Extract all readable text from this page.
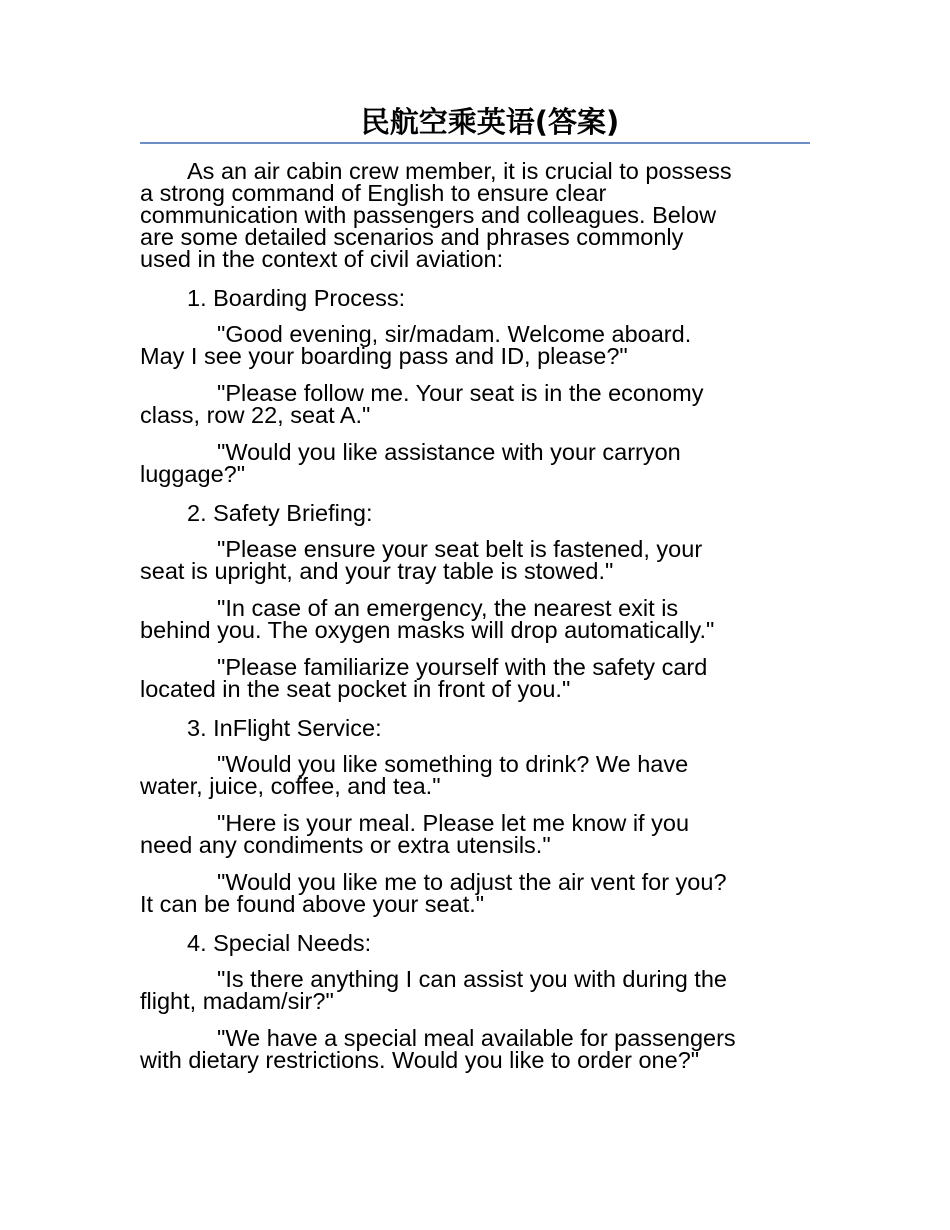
民航空乘英语(答案)
As an air cabin crew member, it is crucial to possess
a strong command of English to ensure clear
communication with passengers and colleagues. Below
are some detailed scenarios and phrases commonly
used in the context of civil aviation:
1. Boarding Process:
"Good evening, sir/madam. Welcome aboard.
May I see your boarding pass and ID, please?"
"Please follow me. Your seat is in the economy
class, row 22, seat A."
"Would you like assistance with your carryon
luggage?"
2. Safety Briefing:
"Please ensure your seat belt is fastened, your
seat is upright, and your tray table is stowed."
"In case of an emergency, the nearest exit is
behind you. The oxygen masks will drop automatically."
"Please familiarize yourself with the safety card
located in the seat pocket in front of you."
3. InFlight Service:
"Would you like something to drink? We have
water, juice, coffee, and tea."
"Here is your meal. Please let me know if you
need any condiments or extra utensils."
"Would you like me to adjust the air vent for you?
It can be found above your seat."
4. Special Needs:
"Is there anything I can assist you with during the
flight, madam/sir?"
"We have a special meal available for passengers
with dietary restrictions. Would you like to order one?"
